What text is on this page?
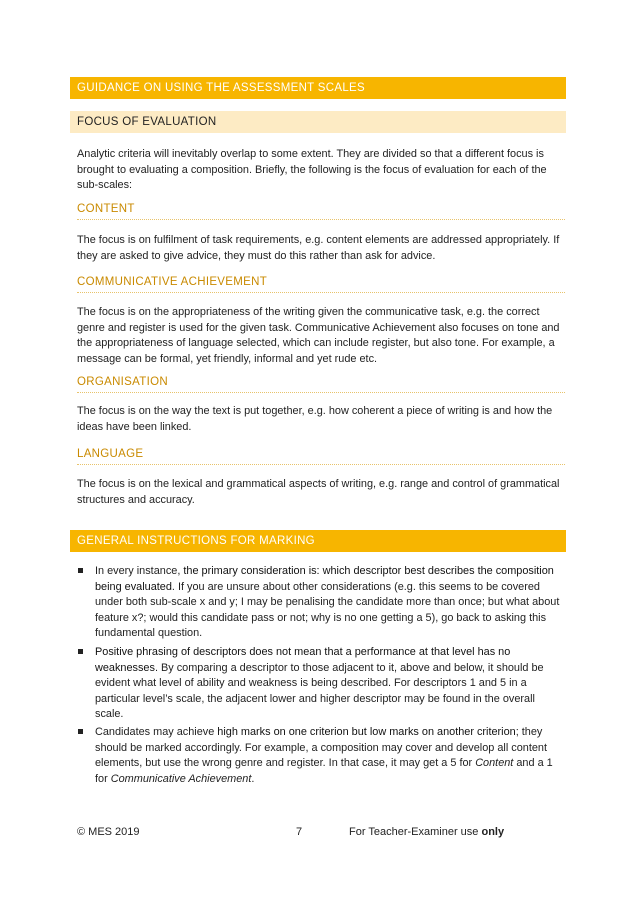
GUIDANCE ON USING THE ASSESSMENT SCALES
FOCUS OF EVALUATION
Analytic criteria will inevitably overlap to some extent. They are divided so that a different focus is brought to evaluating a composition. Briefly, the following is the focus of evaluation for each of the sub-scales:
CONTENT
The focus is on fulfilment of task requirements, e.g. content elements are addressed appropriately. If they are asked to give advice, they must do this rather than ask for advice.
COMMUNICATIVE ACHIEVEMENT
The focus is on the appropriateness of the writing given the communicative task, e.g. the correct genre and register is used for the given task. Communicative Achievement also focuses on tone and the appropriateness of language selected, which can include register, but also tone. For example, a message can be formal, yet friendly, informal and yet rude etc.
ORGANISATION
The focus is on the way the text is put together, e.g. how coherent a piece of writing is and how the ideas have been linked.
LANGUAGE
The focus is on the lexical and grammatical aspects of writing, e.g. range and control of grammatical structures and accuracy.
GENERAL INSTRUCTIONS FOR MARKING
In every instance, the primary consideration is: which descriptor best describes the composition being evaluated. If you are unsure about other considerations (e.g. this seems to be covered under both sub-scale x and y; I may be penalising the candidate more than once; but what about feature x?; would this candidate pass or not; why is no one getting a 5), go back to asking this fundamental question.
Positive phrasing of descriptors does not mean that a performance at that level has no weaknesses. By comparing a descriptor to those adjacent to it, above and below, it should be evident what level of ability and weakness is being described. For descriptors 1 and 5 in a particular level’s scale, the adjacent lower and higher descriptor may be found in the overall scale.
Candidates may achieve high marks on one criterion but low marks on another criterion; they should be marked accordingly. For example, a composition may cover and develop all content elements, but use the wrong genre and register. In that case, it may get a 5 for Content and a 1 for Communicative Achievement.
© MES 2019	7	For Teacher-Examiner use only
